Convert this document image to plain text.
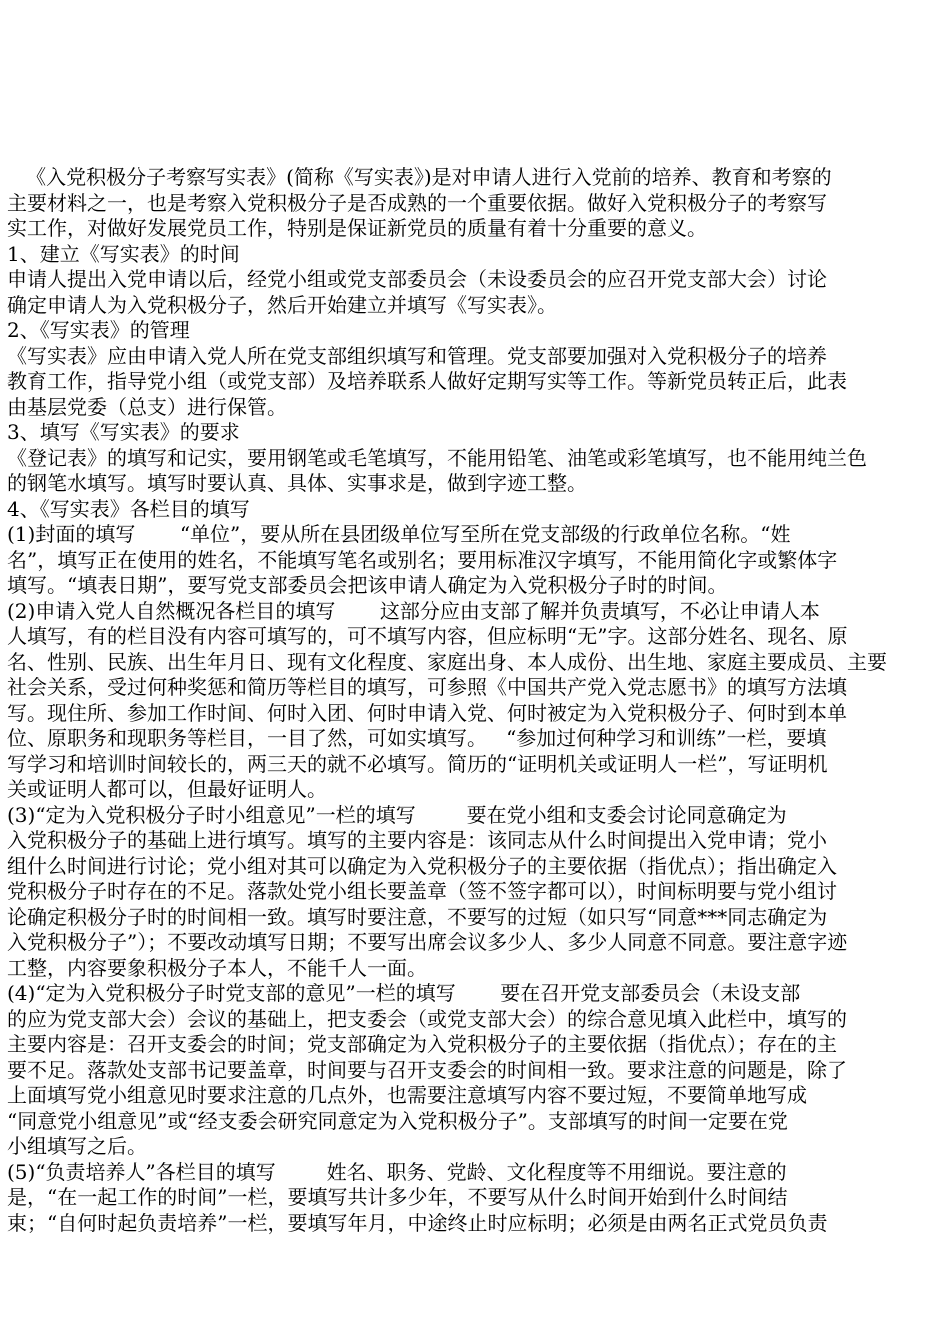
《入党积极分子考察写实表》(简称《写实表》)是对申请人进行入党前的培养、教育和考察的
主要材料之一，也是考察入党积极分子是否成熟的一个重要依据。做好入党积极分子的考察写
实工作，对做好发展党员工作，特别是保证新党员的质量有着十分重要的意义。
1、建立《写实表》的时间
申请人提出入党申请以后，经党小组或党支部委员会（未设委员会的应召开党支部大会）讨论
确定申请人为入党积极分子，然后开始建立并填写《写实表》。
2、《写实表》的管理
《写实表》应由申请入党人所在党支部组织填写和管理。党支部要加强对入党积极分子的培养
教育工作，指导党小组（或党支部）及培养联系人做好定期写实等工作。等新党员转正后，此表
由基层党委（总支）进行保管。
3、填写《写实表》的要求
《登记表》的填写和记实，要用钢笔或毛笔填写，不能用铅笔、油笔或彩笔填写，也不能用纯兰色
的钢笔水填写。填写时要认真、具体、实事求是，做到字迹工整。
4、《写实表》各栏目的填写
(1)封面的填写       “单位”，要从所在县团级单位写至所在党支部级的行政单位名称。“姓
名”，填写正在使用的姓名，不能填写笔名或别名；要用标准汉字填写，不能用简化字或繁体字
填写。“填表日期”，要写党支部委员会把该申请人确定为入党积极分子时的时间。
(2)申请入党人自然概况各栏目的填写       这部分应由支部了解并负责填写，不必让申请人本
人填写，有的栏目没有内容可填写的，可不填写内容，但应标明“无”字。这部分姓名、现名、原
名、性别、民族、出生年月日、现有文化程度、家庭出身、本人成份、出生地、家庭主要成员、主要
社会关系，受过何种奖惩和简历等栏目的填写，可参照《中国共产党入党志愿书》的填写方法填
写。现住所、参加工作时间、何时入团、何时申请入党、何时被定为入党积极分子、何时到本单
位、原职务和现职务等栏目，一目了然，可如实填写。   “参加过何种学习和训练”一栏，要填
写学习和培训时间较长的，两三天的就不必填写。简历的“证明机关或证明人一栏”，写证明机
关或证明人都可以，但最好证明人。
(3)“定为入党积极分子时小组意见”一栏的填写        要在党小组和支委会讨论同意确定为
入党积极分子的基础上进行填写。填写的主要内容是：该同志从什么时间提出入党申请；党小
组什么时间进行讨论；党小组对其可以确定为入党积极分子的主要依据（指优点）；指出确定入
党积极分子时存在的不足。落款处党小组长要盖章（签不签字都可以），时间标明要与党小组讨
论确定积极分子时的时间相一致。填写时要注意，不要写的过短（如只写“同意***同志确定为
入党积极分子”）；不要改动填写日期；不要写出席会议多少人、多少人同意不同意。要注意字迹
工整，内容要象积极分子本人，不能千人一面。
(4)“定为入党积极分子时党支部的意见”一栏的填写       要在召开党支部委员会（未设支部
的应为党支部大会）会议的基础上，把支委会（或党支部大会）的综合意见填入此栏中，填写的
主要内容是：召开支委会的时间；党支部确定为入党积极分子的主要依据（指优点）；存在的主
要不足。落款处支部书记要盖章，时间要与召开支委会的时间相一致。要求注意的问题是，除了
上面填写党小组意见时要求注意的几点外，也需要注意填写内容不要过短，不要简单地写成
“同意党小组意见”或“经支委会研究同意定为入党积极分子”。支部填写的时间一定要在党
小组填写之后。
(5)“负责培养人”各栏目的填写        姓名、职务、党龄、文化程度等不用细说。要注意的
是，“在一起工作的时间”一栏，要填写共计多少年，不要写从什么时间开始到什么时间结
束；“自何时起负责培养”一栏，要填写年月，中途终止时应标明；必须是由两名正式党员负责
